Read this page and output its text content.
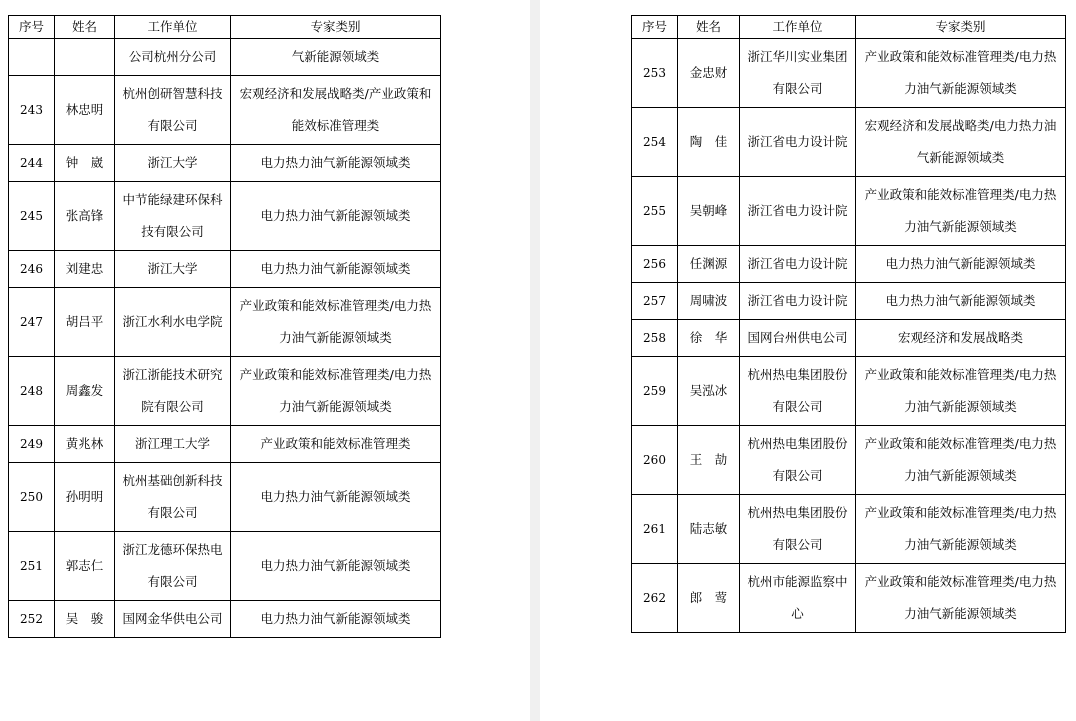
序号	姓名	工作单位	专家类别
		公司杭州分公司	气新能源领域类
243	林忠明	杭州创研智慧科技有限公司	宏观经济和发展战略类/产业政策和能效标准管理类
244	钟　崴	浙江大学	电力热力油气新能源领域类
245	张高锋	中节能绿建环保科技有限公司	电力热力油气新能源领域类
246	刘建忠	浙江大学	电力热力油气新能源领域类
247	胡吕平	浙江水利水电学院	产业政策和能效标准管理类/电力热力油气新能源领域类
248	周鑫发	浙江浙能技术研究院有限公司	产业政策和能效标准管理类/电力热力油气新能源领域类
249	黄兆林	浙江理工大学	产业政策和能效标准管理类
250	孙明明	杭州基础创新科技有限公司	电力热力油气新能源领域类
251	郭志仁	浙江龙德环保热电有限公司	电力热力油气新能源领域类
252	吴　骏	国网金华供电公司	电力热力油气新能源领域类
序号	姓名	工作单位	专家类别
253	金忠财	浙江华川实业集团有限公司	产业政策和能效标准管理类/电力热力油气新能源领域类
254	陶　佳	浙江省电力设计院	宏观经济和发展战略类/电力热力油气新能源领域类
255	吴朝峰	浙江省电力设计院	产业政策和能效标准管理类/电力热力油气新能源领域类
256	任渊源	浙江省电力设计院	电力热力油气新能源领域类
257	周啸波	浙江省电力设计院	电力热力油气新能源领域类
258	徐　华	国网台州供电公司	宏观经济和发展战略类
259	吴泓冰	杭州热电集团股份有限公司	产业政策和能效标准管理类/电力热力油气新能源领域类
260	王　劼	杭州热电集团股份有限公司	产业政策和能效标准管理类/电力热力油气新能源领域类
261	陆志敏	杭州热电集团股份有限公司	产业政策和能效标准管理类/电力热力油气新能源领域类
262	郎　莺	杭州市能源监察中心	产业政策和能效标准管理类/电力热力油气新能源领域类
